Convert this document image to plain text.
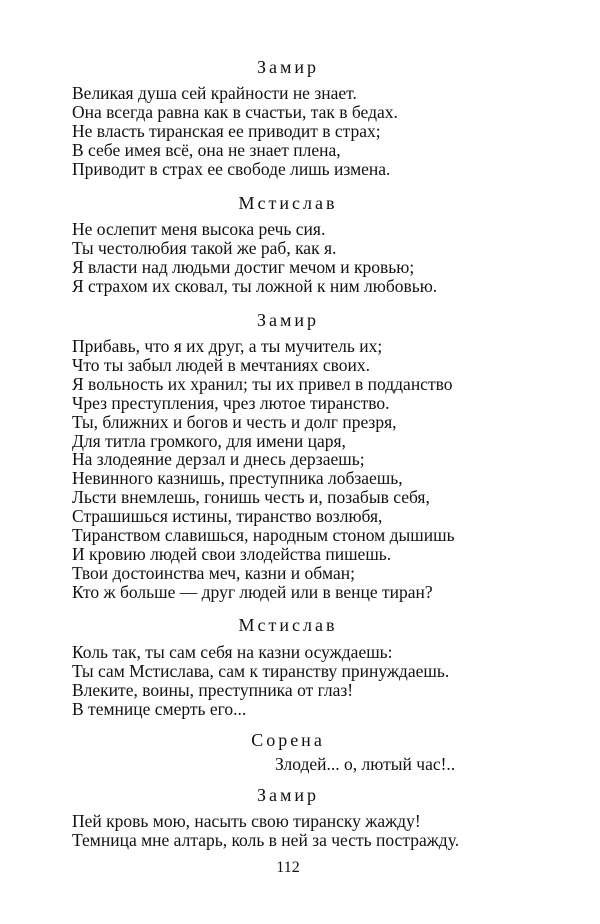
Замир
Великая душа сей крайности не знает.
Она всегда равна как в счастьи, так в бедах.
Не власть тиранская ее приводит в страх;
В себе имея всё, она не знает плена,
Приводит в страх ее свободе лишь измена.
Мстислав
Не ослепит меня высока речь сия.
Ты честолюбия такой же раб, как я.
Я власти над людьми достиг мечом и кровью;
Я страхом их сковал, ты ложной к ним любовью.
Замир
Прибавь, что я их друг, а ты мучитель их;
Что ты забыл людей в мечтаниях своих.
Я вольность их хранил; ты их привел в подданство
Чрез преступления, чрез лютое тиранство.
Ты, ближних и богов и честь и долг презря,
Для титла громкого, для имени царя,
На злодеяние дерзал и днесь дерзаешь;
Невинного казнишь, преступника лобзаешь,
Льсти внемлешь, гонишь честь и, позабыв себя,
Страшишься истины, тиранство возлюбя,
Тиранством славишься, народным стоном дышишь
И кровию людей свои злодейства пишешь.
Твои достоинства меч, казни и обман;
Кто ж больше — друг людей или в венце тиран?
Мстислав
Коль так, ты сам себя на казни осуждаешь:
Ты сам Мстислава, сам к тиранству принуждаешь.
Влеките, воины, преступника от глаз!
В темнице смерть его...
Сорена
Злодей... о, лютый час!..
Замир
Пей кровь мою, насыть свою тиранску жажду!
Темница мне алтарь, коль в ней за честь постражду.
112
